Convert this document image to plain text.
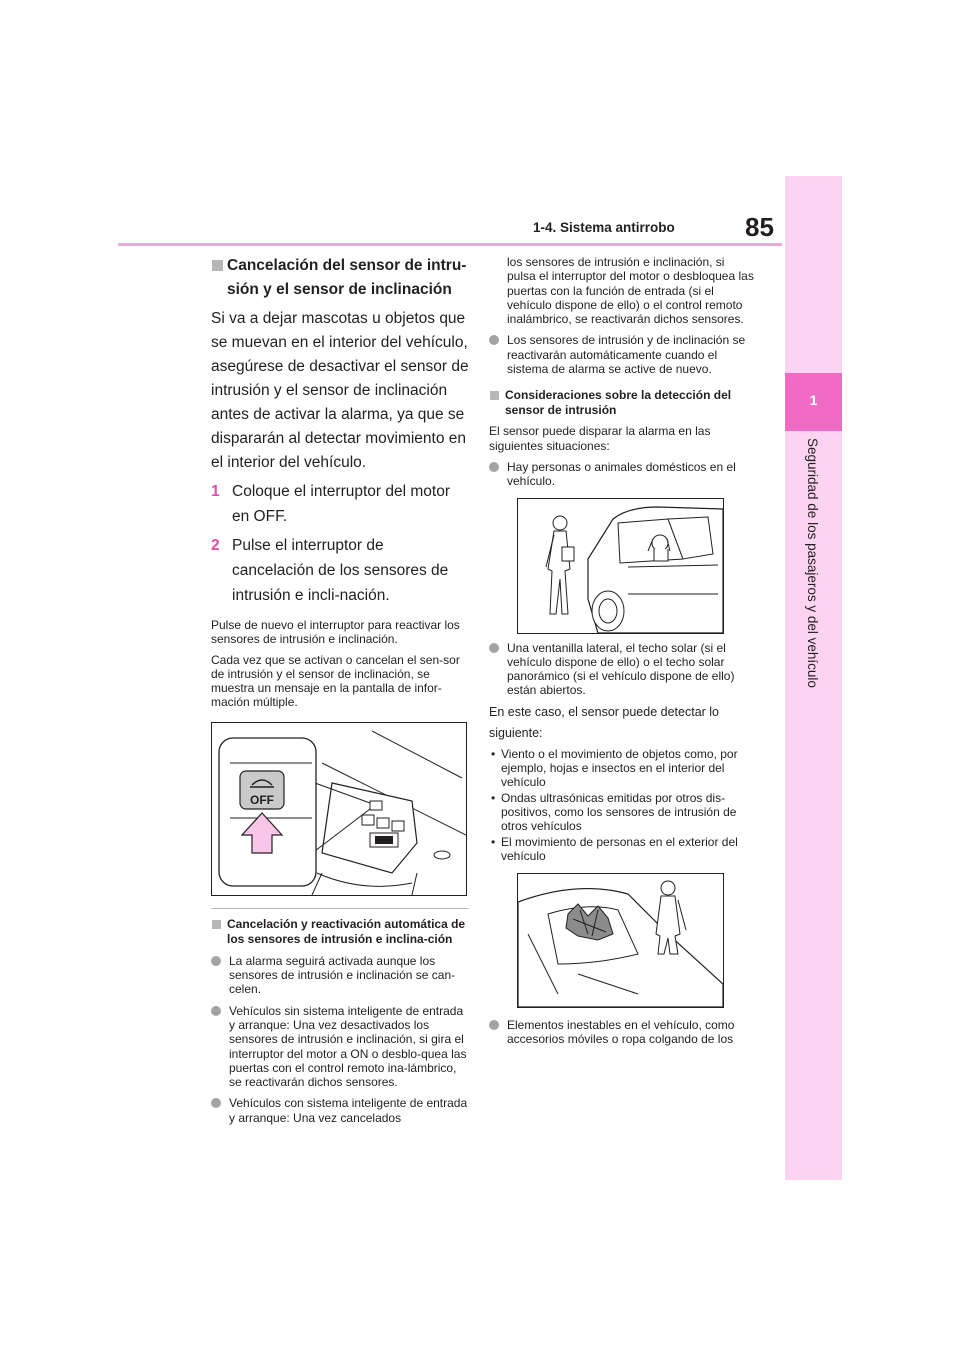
85
1-4. Sistema antirrobo
1
Seguridad de los pasajeros y del vehículo
Cancelación del sensor de intru-sión y el sensor de inclinación

Si va a dejar mascotas u objetos que se muevan en el interior del vehículo, asegúrese de desactivar el sensor de intrusión y el sensor de inclinación antes de activar la alarma, ya que se dispararán al detectar movimiento en el interior del vehículo.

1 Coloque el interruptor del motor en OFF.
2 Pulse el interruptor de cancelación de los sensores de intrusión e incli-nación.
Pulse de nuevo el interruptor para reactivar los sensores de intrusión e inclinación.
Cada vez que se activan o cancelan el sen-sor de intrusión y el sensor de inclinación, se muestra un mensaje en la pantalla de infor-mación múltiple.
OFF
Cancelación y reactivación automática de los sensores de intrusión e inclina-ción
La alarma seguirá activada aunque los sensores de intrusión e inclinación se can-celen.
Vehículos sin sistema inteligente de entrada y arranque: Una vez desactivados los sensores de intrusión e inclinación, si gira el interruptor del motor a ON o desblo-quea las puertas con el control remoto ina-lámbrico, se reactivarán dichos sensores.
Vehículos con sistema inteligente de entrada y arranque: Una vez cancelados
los sensores de intrusión e inclinación, si pulsa el interruptor del motor o desbloquea las puertas con la función de entrada (si el vehículo dispone de ello) o el control remoto inalámbrico, se reactivarán dichos sensores.
Los sensores de intrusión y de inclinación se reactivarán automáticamente cuando el sistema de alarma se active de nuevo.
Consideraciones sobre la detección del sensor de intrusión
El sensor puede disparar la alarma en las siguientes situaciones:
Hay personas o animales domésticos en el vehículo.
Una ventanilla lateral, el techo solar (si el vehículo dispone de ello) o el techo solar panorámico (si el vehículo dispone de ello) están abiertos.
En este caso, el sensor puede detectar lo
siguiente:
• Viento o el movimiento de objetos como, por ejemplo, hojas e insectos en el interior del vehículo
• Ondas ultrasónicas emitidas por otros dis-positivos, como los sensores de intrusión de otros vehículos
• El movimiento de personas en el exterior del vehículo
Elementos inestables en el vehículo, como accesorios móviles o ropa colgando de los
